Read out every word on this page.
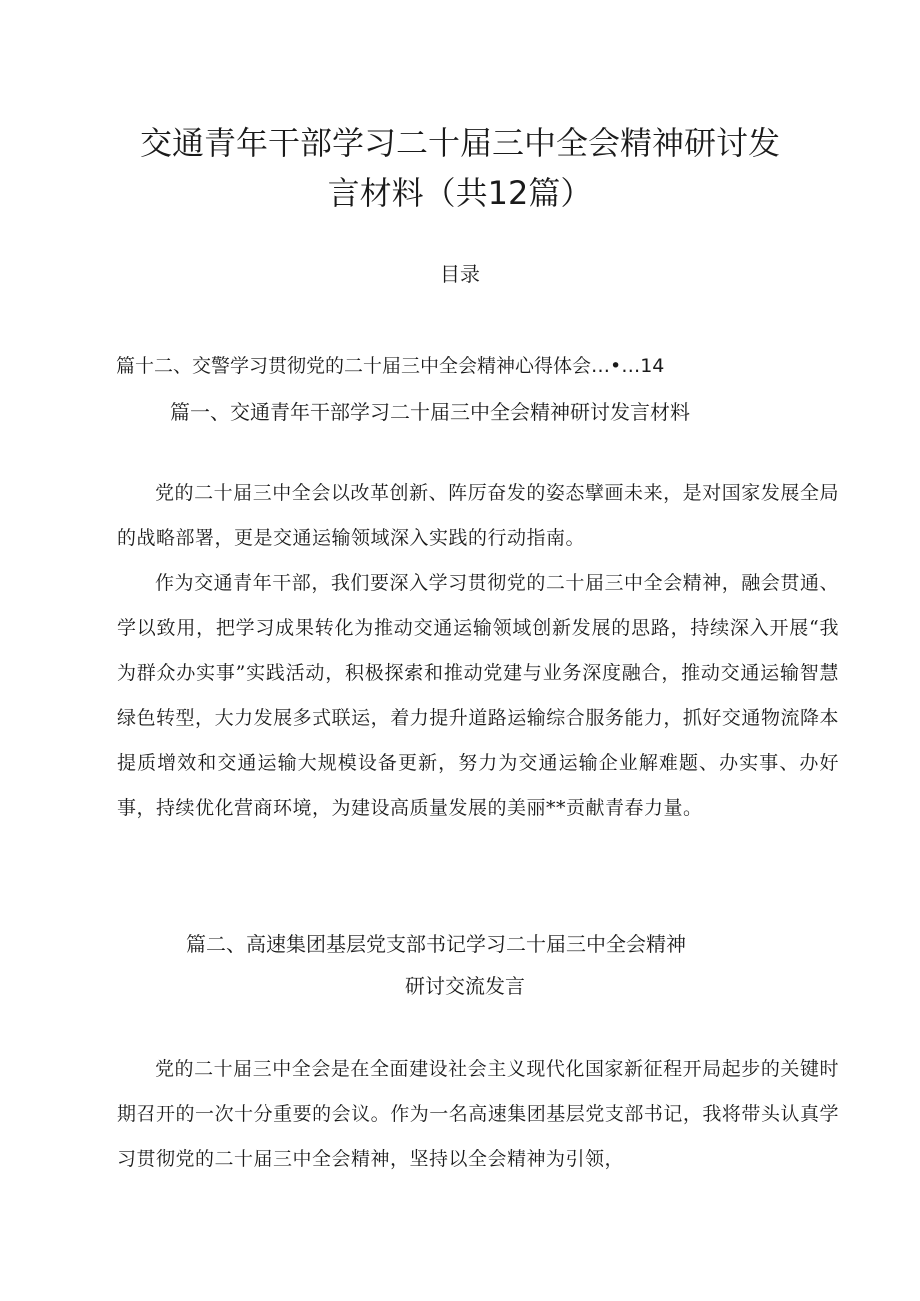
交通青年干部学习二十届三中全会精神研讨发
言材料（共12篇）
目录
篇十二、交警学习贯彻党的二十届三中全会精神心得体会…•…14
篇一、交通青年干部学习二十届三中全会精神研讨发言材料

党的二十届三中全会以改革创新、阵厉奋发的姿态擘画未来，是对国家发展全局的战略部署，更是交通运输领域深入实践的行动指南。

作为交通青年干部，我们要深入学习贯彻党的二十届三中全会精神，融会贯通、学以致用，把学习成果转化为推动交通运输领域创新发展的思路，持续深入开展“我为群众办实事”实践活动，积极探索和推动党建与业务深度融合，推动交通运输智慧绿色转型，大力发展多式联运，着力提升道路运输综合服务能力，抓好交通物流降本提质增效和交通运输大规模设备更新，努力为交通运输企业解难题、办实事、办好事，持续优化营商环境，为建设高质量发展的美丽**贡献青春力量。

篇二、高速集团基层党支部书记学习二十届三中全会精神
研讨交流发言

党的二十届三中全会是在全面建设社会主义现代化国家新征程开局起步的关键时期召开的一次十分重要的会议。作为一名高速集团基层党支部书记，我将带头认真学习贯彻党的二十届三中全会精神，坚持以全会精神为引领，
